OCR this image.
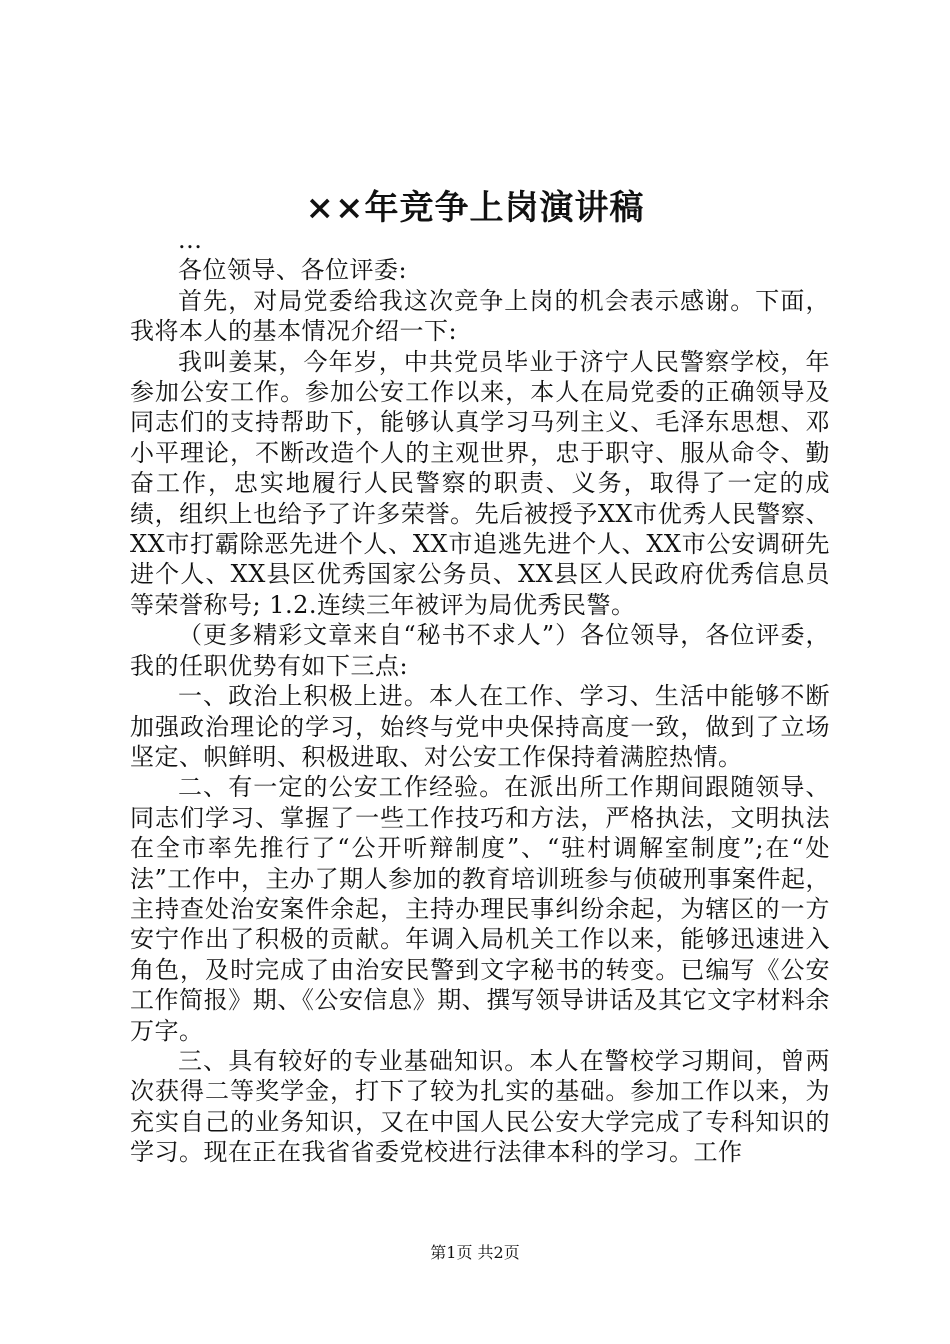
××年竞争上岗演讲稿

...

各位领导、各位评委:

首先，对局党委给我这次竞争上岗的机会表示感谢。下面，我将本人的基本情况介绍一下:

我叫姜某，今年岁，中共党员毕业于济宁人民警察学校，年参加公安工作。参加公安工作以来，本人在局党委的正确领导及同志们的支持帮助下，能够认真学习马列主义、毛泽东思想、邓小平理论，不断改造个人的主观世界，忠于职守、服从命令、勤奋工作，忠实地履行人民警察的职责、义务，取得了一定的成绩，组织上也给予了许多荣誉。先后被授予XX市优秀人民警察、XX市打霸除恶先进个人、XX市追逃先进个人、XX市公安调研先进个人、XX县区优秀国家公务员、XX县区人民政府优秀信息员等荣誉称号; 1.2.连续三年被评为局优秀民警。

（更多精彩文章来自“秘书不求人”）各位领导，各位评委，我的任职优势有如下三点:

一、政治上积极上进。本人在工作、学习、生活中能够不断加强政治理论的学习，始终与党中央保持高度一致，做到了立场坚定、帜鲜明、积极进取、对公安工作保持着满腔热情。

二、有一定的公安工作经验。在派出所工作期间跟随领导、同志们学习、掌握了一些工作技巧和方法，严格执法，文明执法在全市率先推行了“公开听辩制度”、“驻村调解室制度”;在“处法”工作中，主办了期人参加的教育培训班参与侦破刑事案件起，主持查处治安案件余起，主持办理民事纠纷余起，为辖区的一方安宁作出了积极的贡献。年调入局机关工作以来，能够迅速进入角色，及时完成了由治安民警到文字秘书的转变。已编写《公安工作简报》期、《公安信息》期、撰写领导讲话及其它文字材料余万字。

三、具有较好的专业基础知识。本人在警校学习期间，曾两次获得二等奖学金，打下了较为扎实的基础。参加工作以来，为充实自己的业务知识，又在中国人民公安大学完成了专科知识的学习。现在正在我省省委党校进行法律本科的学习。工作

第1页 共2页
